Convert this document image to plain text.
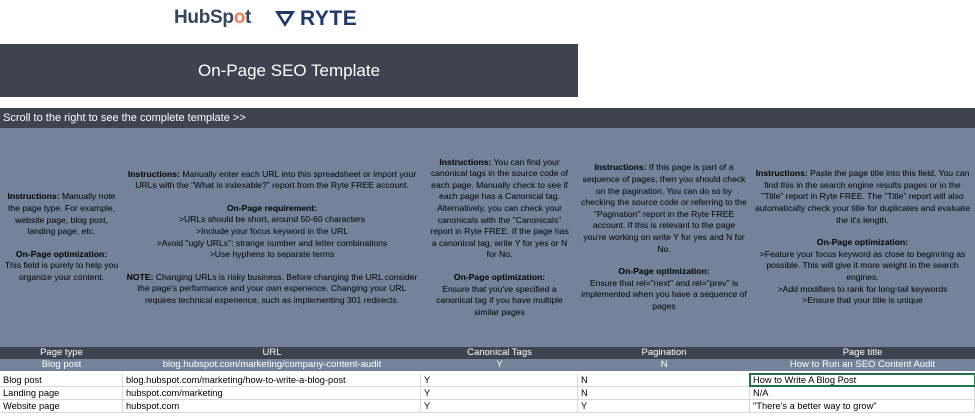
HubSpot RYTE
On-Page SEO Template
Scroll to the right to see the complete template >>

Instructions: Manually note the page type. For example, website page, blog post, landing page, etc.

On-Page optimization:
This field is purely to help you organize your content.

Instructions: Manually enter each URL into this spreadsheet or import your URLs with the "What is indexable?" report from the Ryte FREE account.

On-Page requirement:
>URLs should be short, around 50-60 characters
>Include your focus keyword in the URL
>Avoid "ugly URLs": strange number and letter combinations
>Use hyphens to separate terms

NOTE: Changing URLs is risky business. Before changing the URL consider the page's performance and your own experience. Changing your URL requires technical experience, such as implementing 301 redirects.

Instructions: You can find your canonical tags in the source code of each page. Manually check to see if each page has a Canonical tag. Alternatively, you can check your canonicals with the "Canonicals" report in Ryte FREE. If the page has a canonical tag, write Y for yes or N for No.

On-Page optimization:
Ensure that you've specified a canonical tag if you have multiple similar pages

Instructions: If this page is part of a sequence of pages, then you should check on the pagination. You can do so by checking the source code or referring to the "Pagination" report in the Ryte FREE account. If this is relevant to the page you're working on write Y for yes and N for No.

On-Page optimization:
Ensure that rel="next" and rel="prev" is implemented when you have a sequence of pages

Instructions: Paste the page title into this field. You can find this in the search engine results pages or in the "Title" report in Ryte FREE. The "Title" report will also automatically check your title for duplicates and evaluate the it's length.

On-Page optimization:
>Feature your focus keyword as close to beginning as possible. This will give it more weight in the search engines.
>Add modifiers to rank for long-tail keywords
>Ensure that your title is unique

Page type	URL	Canonical Tags	Pagination	Page title
Blog post	blog.hubspot.com/marketing/company-content-audit	Y	N	How to Run an SEO Content Audit
Blog post	blog.hubspot.com/marketing/how-to-write-a-blog-post	Y	N	How to Write A Blog Post
Landing page	hubspot.com/marketing	Y	N	N/A
Website page	hubspot.com	Y	Y	"There's a better way to grow"
